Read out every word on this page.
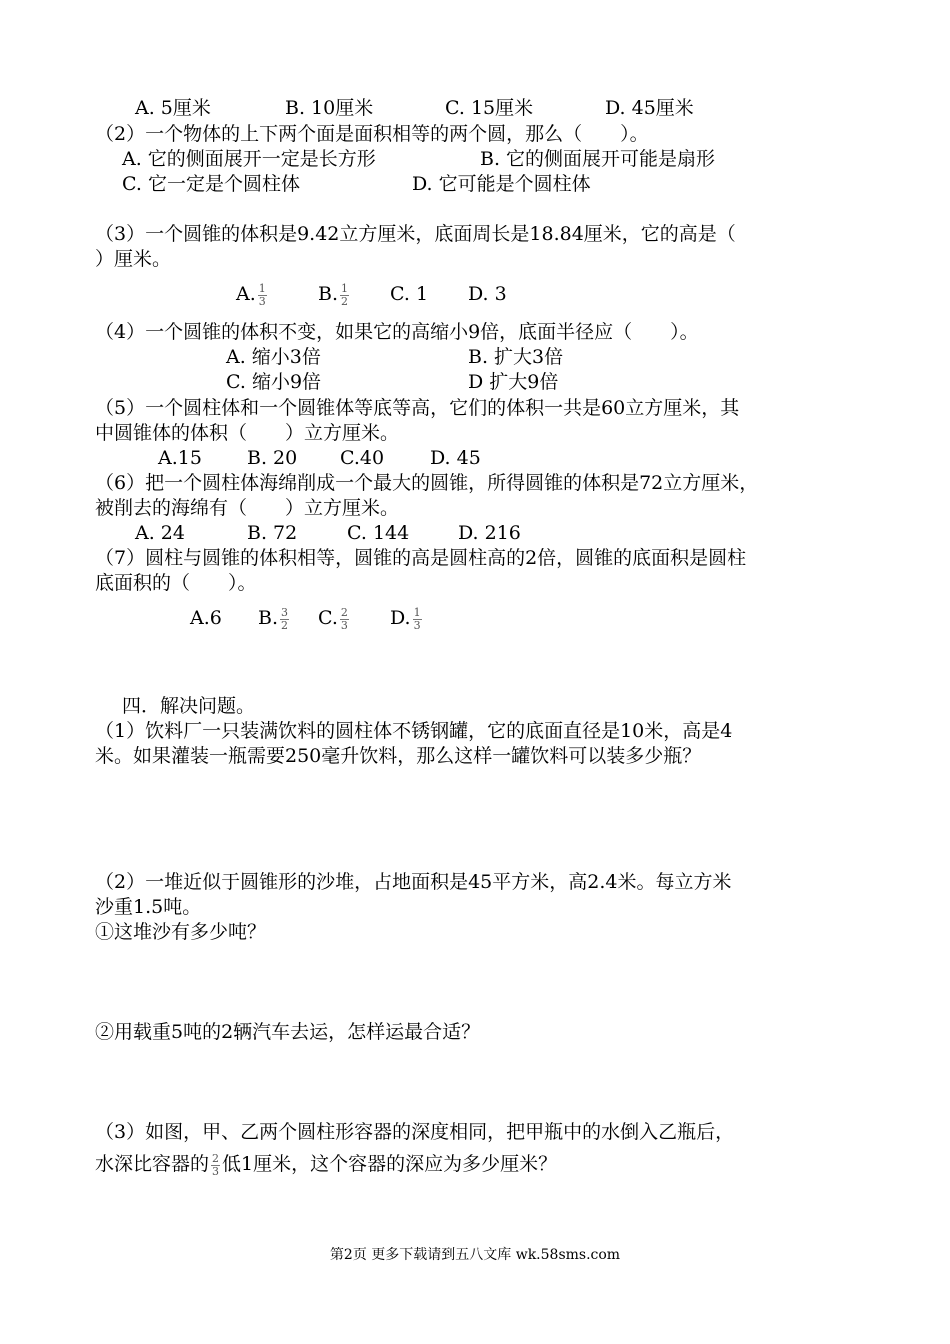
A. 5厘米	B. 10厘米	C. 15厘米	D. 45厘米
（2）一个物体的上下两个面是面积相等的两个圆，那么（　　）。
A. 它的侧面展开一定是长方形	B. 它的侧面展开可能是扇形
C. 它一定是个圆柱体	D. 它可能是个圆柱体
（3）一个圆锥的体积是9.42立方厘米，底面周长是18.84厘米，它的高是（
）厘米。
A. $\frac{1}{3}$	B. $\frac{1}{2} C$. 1 D. 3
（4）一个圆锥的体积不变，如果它的高缩小9倍，底面半径应（　　）。
A. 缩小3倍	B. 扩大3倍
C. 缩小9倍	D 扩大9倍
（5）一个圆柱体和一个圆锥体等底等高，它们的体积一共是60立方厘米，其
中圆锥体的体积（　　）立方厘米。
A.15 B. 20 C.40 D. 45
（6）把一个圆柱体海绵削成一个最大的圆锥，所得圆锥的体积是72立方厘米，
被削去的海绵有（　　）立方厘米。
A. 24	B. 72	C. 144	D. 216
（7）圆柱与圆锥的体积相等，圆锥的高是圆柱高的2倍，圆锥的底面积是圆柱
底面积的（　　）。
A.6 B. $\frac{3}{2} C$. $\frac{2}{3} D$. $\frac{1}{3}$
四．解决问题。
（1）饮料厂一只装满饮料的圆柱体不锈钢罐，它的底面直径是10米，高是4
米。如果灌装一瓶需要250毫升饮料，那么这样一罐饮料可以装多少瓶？
（2）一堆近似于圆锥形的沙堆，占地面积是45平方米，高2.4米。每立方米
沙重1.5吨。
①这堆沙有多少吨？
②用载重5吨的2辆汽车去运，怎样运最合适？
（3）如图，甲、乙两个圆柱形容器的深度相同，把甲瓶中的水倒入乙瓶后，
水深比容器的 $\frac{2}{3}$ 低1厘米，这个容器的深应为多少厘米？
第2页 更多下载请到五八文库 wk.58sms.com
